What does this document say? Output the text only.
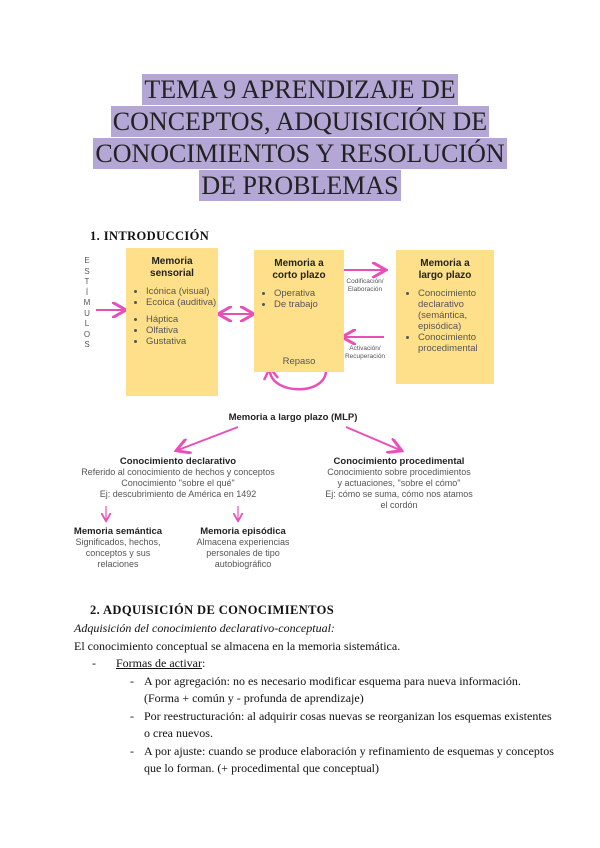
TEMA 9 APRENDIZAJE DE
CONCEPTOS, ADQUISICIÓN DE
CONOCIMIENTOS Y RESOLUCIÓN
DE PROBLEMAS
1. INTRODUCCIÓN
E
S
T
Í
M
U
L
O
S
Memoria
sensorial
• Icónica (visual)
• Ecoica (auditiva)
• Háptica
• Olfativa
• Gustativa
Memoria a
corto plazo
• Operativa
• De trabajo
Repaso
Codificación/
Elaboración
Activación/
Recuperación
Memoria a
largo plazo
• Conocimiento declarativo (semántica, episódica)
• Conocimiento procedimental
Memoria a largo plazo (MLP)
Conocimiento declarativo
Referido al conocimiento de hechos y conceptos
Conocimiento "sobre el qué"
Ej: descubrimiento de América en 1492
Conocimiento procedimental
Conocimiento sobre procedimientos
y actuaciones, "sobre el cómo"
Ej: cómo se suma, cómo nos atamos
el cordón
Memoria semántica
Significados, hechos,
conceptos y sus
relaciones
Memoria episódica
Almacena experiencias
personales de tipo
autobiográfico
2. ADQUISICIÓN DE CONOCIMIENTOS

Adquisición del conocimiento declarativo-conceptual:

El conocimiento conceptual se almacena en la memoria sistemática.

- Formas de activar:

- A por agregación: no es necesario modificar esquema para nueva información. (Forma + común y - profunda de aprendizaje)

- Por reestructuración: al adquirir cosas nuevas se reorganizan los esquemas existentes o crea nuevos.

- A por ajuste: cuando se produce elaboración y refinamiento de esquemas y conceptos que lo forman. (+ procedimental que conceptual)
